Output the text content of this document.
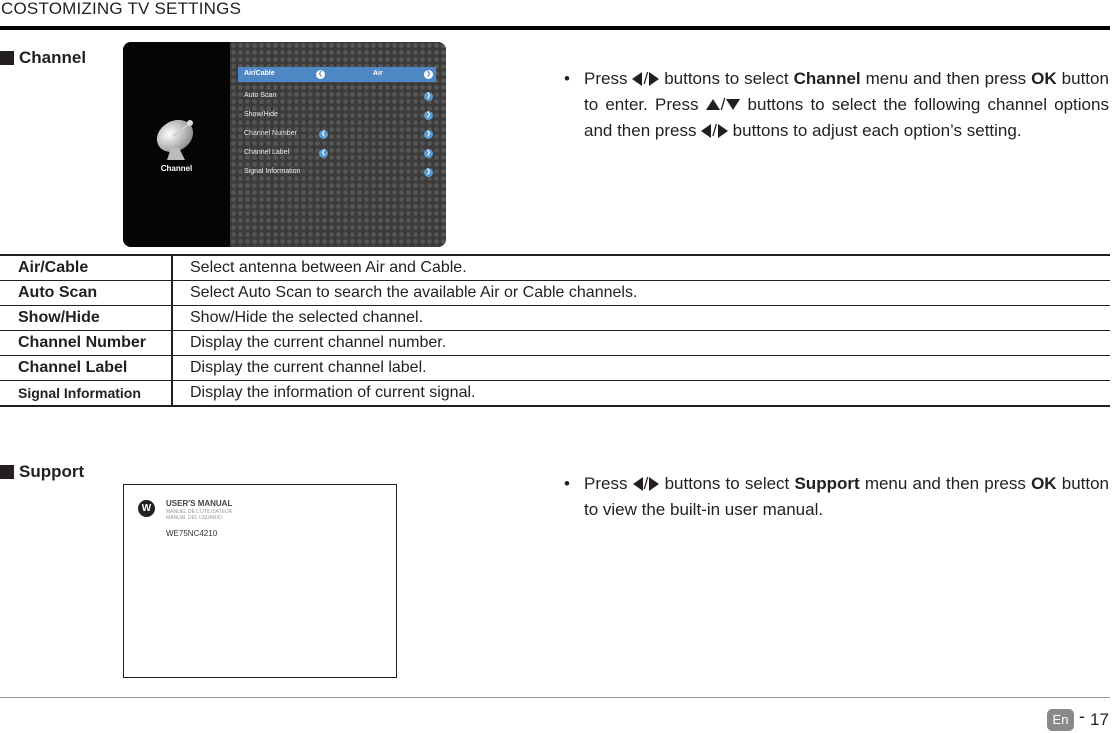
COSTOMIZING TV SETTINGS
Channel
Channel
Air/Cable	❮	Air	❯
Auto Scan	❯
Show/Hide	❯
Channel Number	❮	❯
Channel Label	❮	❯
Signal Information	❯
• Press / buttons to select Channel menu and then press OK button to enter. Press / buttons to select the following channel options and then press / buttons to adjust each option’s setting.
Air/Cable	Select antenna between Air and Cable.
Auto Scan	Select Auto Scan to search the available Air or Cable channels.
Show/Hide	Show/Hide the selected channel.
Channel Number	Display the current channel number.
Channel Label	Display the current channel label.
Signal Information	Display the information of current signal.
Support
W	USER'S MANUAL
MANUEL DE L'UTILISATEUR
MANUAL DEL USUARIO
WE75NC4210
• Press / buttons to select Support menu and then press OK button to view the built-in user manual.
En - 17
